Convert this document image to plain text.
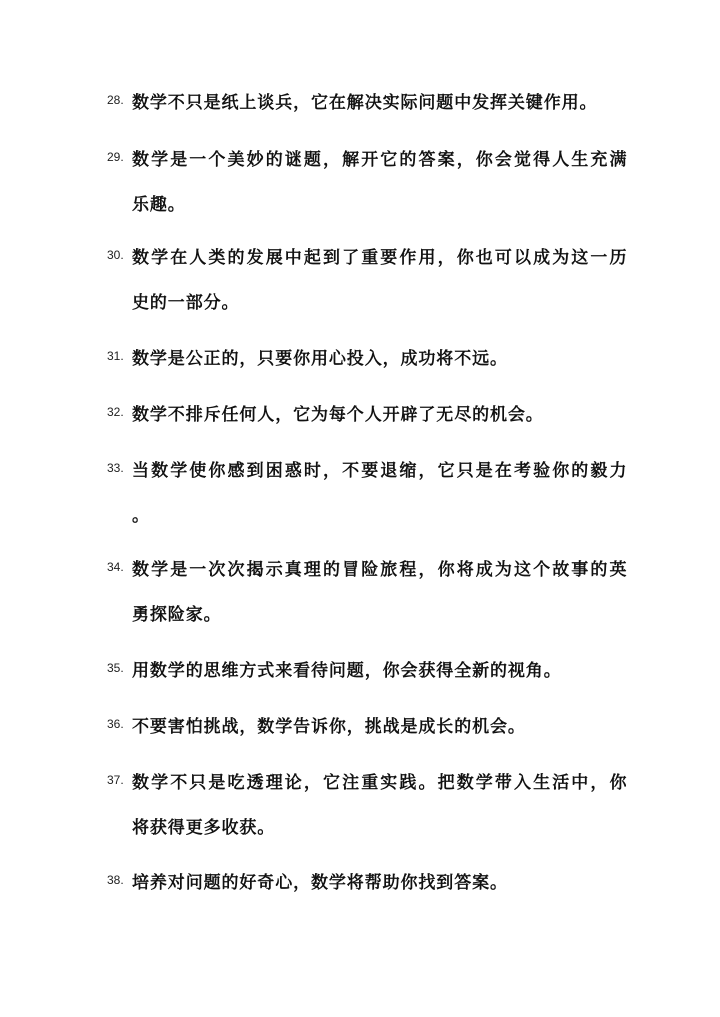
28. 数学不只是纸上谈兵，它在解决实际问题中发挥关键作用。
29. 数学是一个美妙的谜题，解开它的答案，你会觉得人生充满
乐趣。
30. 数学在人类的发展中起到了重要作用，你也可以成为这一历
史的一部分。
31. 数学是公正的，只要你用心投入，成功将不远。
32. 数学不排斥任何人，它为每个人开辟了无尽的机会。
33. 当数学使你感到困惑时，不要退缩，它只是在考验你的毅力
。
34. 数学是一次次揭示真理的冒险旅程，你将成为这个故事的英
勇探险家。
35. 用数学的思维方式来看待问题，你会获得全新的视角。
36. 不要害怕挑战，数学告诉你，挑战是成长的机会。
37. 数学不只是吃透理论，它注重实践。把数学带入生活中，你
将获得更多收获。
38. 培养对问题的好奇心，数学将帮助你找到答案。
